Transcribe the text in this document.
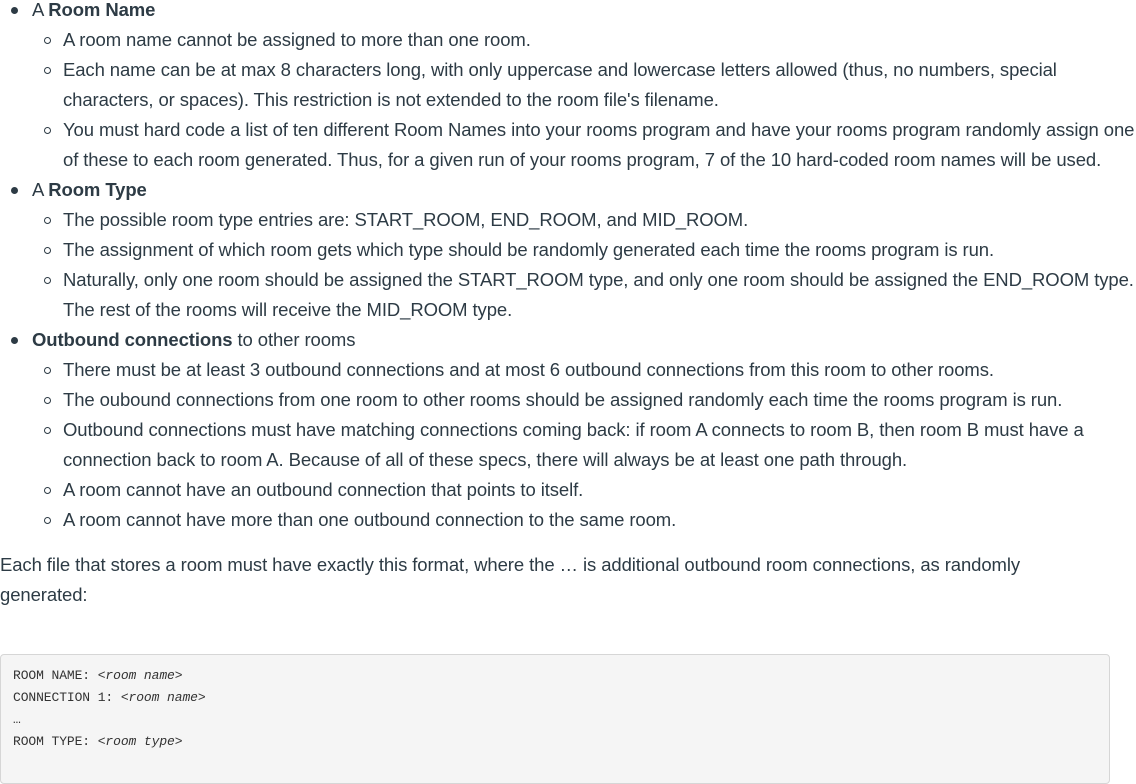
A Room Name
A room name cannot be assigned to more than one room.
Each name can be at max 8 characters long, with only uppercase and lowercase letters allowed (thus, no numbers, special characters, or spaces). This restriction is not extended to the room file's filename.
You must hard code a list of ten different Room Names into your rooms program and have your rooms program randomly assign one of these to each room generated. Thus, for a given run of your rooms program, 7 of the 10 hard-coded room names will be used.
A Room Type
The possible room type entries are: START_ROOM, END_ROOM, and MID_ROOM.
The assignment of which room gets which type should be randomly generated each time the rooms program is run.
Naturally, only one room should be assigned the START_ROOM type, and only one room should be assigned the END_ROOM type. The rest of the rooms will receive the MID_ROOM type.
Outbound connections to other rooms
There must be at least 3 outbound connections and at most 6 outbound connections from this room to other rooms.
The oubound connections from one room to other rooms should be assigned randomly each time the rooms program is run.
Outbound connections must have matching connections coming back: if room A connects to room B, then room B must have a connection back to room A. Because of all of these specs, there will always be at least one path through.
A room cannot have an outbound connection that points to itself.
A room cannot have more than one outbound connection to the same room.

Each file that stores a room must have exactly this format, where the … is additional outbound room connections, as randomly generated:

ROOM NAME: <room name>
CONNECTION 1: <room name>
…
ROOM TYPE: <room type>
